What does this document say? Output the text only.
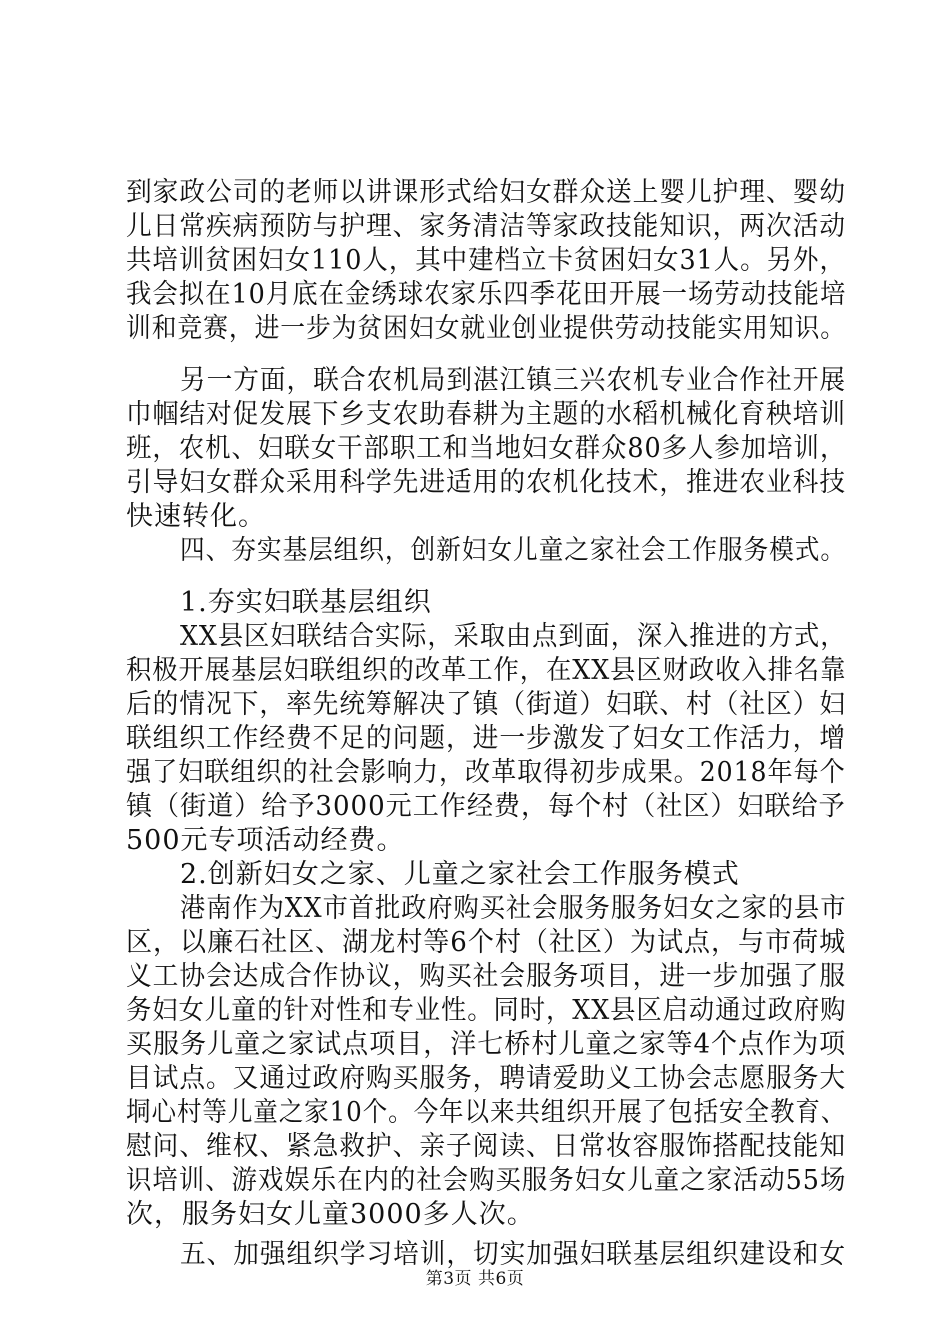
到家政公司的老师以讲课形式给妇女群众送上婴儿护理、婴幼
儿日常疾病预防与护理、家务清洁等家政技能知识，两次活动
共培训贫困妇女110人，其中建档立卡贫困妇女31人。另外，
我会拟在10月底在金绣球农家乐四季花田开展一场劳动技能培
训和竞赛，进一步为贫困妇女就业创业提供劳动技能实用知识。
另一方面，联合农机局到湛江镇三兴农机专业合作社开展
巾帼结对促发展下乡支农助春耕为主题的水稻机械化育秧培训
班，农机、妇联女干部职工和当地妇女群众80多人参加培训，
引导妇女群众采用科学先进适用的农机化技术，推进农业科技
快速转化。
四、夯实基层组织，创新妇女儿童之家社会工作服务模式。
1.夯实妇联基层组织
XX县区妇联结合实际，采取由点到面，深入推进的方式，
积极开展基层妇联组织的改革工作，在XX县区财政收入排名靠
后的情况下，率先统筹解决了镇（街道）妇联、村（社区）妇
联组织工作经费不足的问题，进一步激发了妇女工作活力，增
强了妇联组织的社会影响力，改革取得初步成果。2018年每个
镇（街道）给予3000元工作经费，每个村（社区）妇联给予
500元专项活动经费。
2.创新妇女之家、儿童之家社会工作服务模式
港南作为XX市首批政府购买社会服务服务妇女之家的县市
区，以廉石社区、湖龙村等6个村（社区）为试点，与市荷城
义工协会达成合作协议，购买社会服务项目，进一步加强了服
务妇女儿童的针对性和专业性。同时，XX县区启动通过政府购
买服务儿童之家试点项目，洋七桥村儿童之家等4个点作为项
目试点。又通过政府购买服务，聘请爱助义工协会志愿服务大
垌心村等儿童之家10个。今年以来共组织开展了包括安全教育、
慰问、维权、紧急救护、亲子阅读、日常妆容服饰搭配技能知
识培训、游戏娱乐在内的社会购买服务妇女儿童之家活动55场
次，服务妇女儿童3000多人次。
五、加强组织学习培训，切实加强妇联基层组织建设和女
第3页 共6页
